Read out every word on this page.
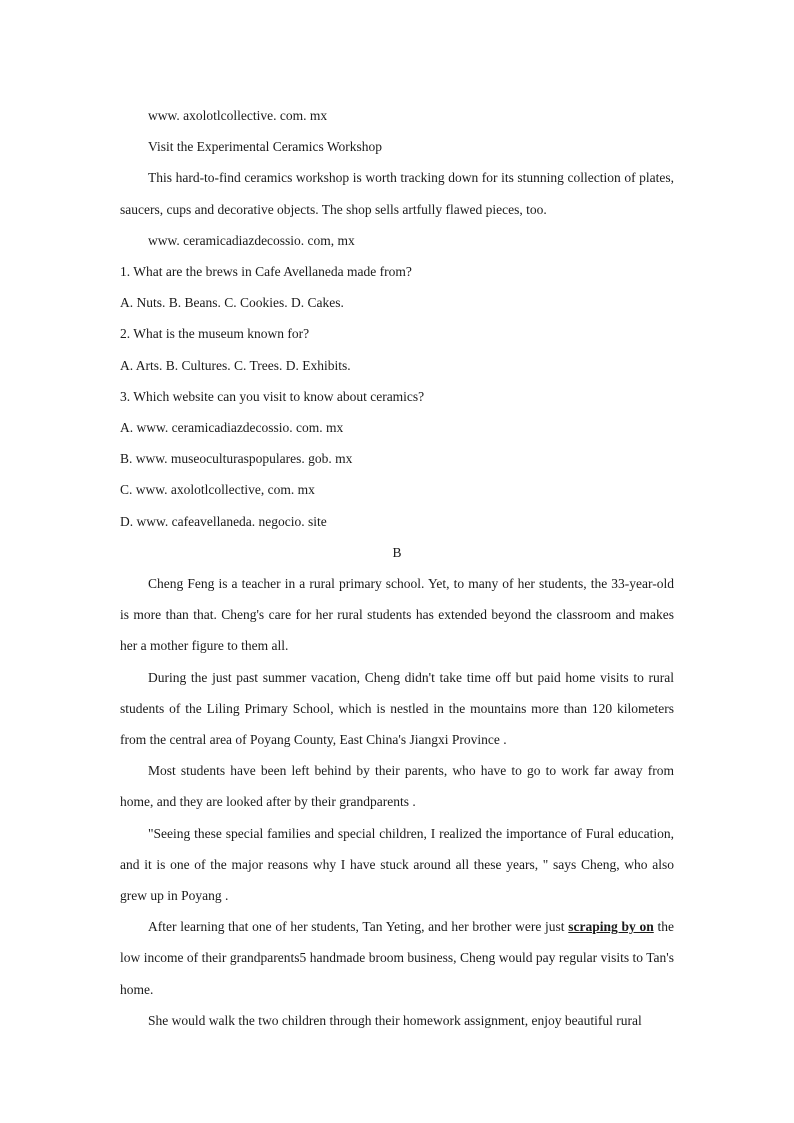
www. axolotlcollective. com. mx

Visit the Experimental Ceramics Workshop

This hard-to-find ceramics workshop is worth tracking down for its stunning collection of plates, saucers, cups and decorative objects. The shop sells artfully flawed pieces, too.

www. ceramicadiazdecossio. com, mx

1. What are the brews in Cafe Avellaneda made from?

A. Nuts. B. Beans. C. Cookies. D. Cakes.

2. What is the museum known for?

A. Arts. B. Cultures. C. Trees. D. Exhibits.

3. Which website can you visit to know about ceramics?

A. www. ceramicadiazdecossio. com. mx

B. www. museoculturaspopulares. gob. mx

C. www. axolotlcollective, com. mx

D. www. cafeavellaneda. negocio. site

B

Cheng Feng is a teacher in a rural primary school. Yet, to many of her students, the 33-year-old is more than that. Cheng's care for her rural students has extended beyond the classroom and makes her a mother figure to them all.

During the just past summer vacation, Cheng didn't take time off but paid home visits to rural students of the Liling Primary School, which is nestled in the mountains more than 120 kilometers from the central area of Poyang County, East China's Jiangxi Province .

Most students have been left behind by their parents, who have to go to work far away from home, and they are looked after by their grandparents .

"Seeing these special families and special children, I realized the importance of Fural education, and it is one of the major reasons why I have stuck around all these years, " says Cheng, who also grew up in Poyang .

After learning that one of her students, Tan Yeting, and her brother were just scraping by on the low income of their grandparents5 handmade broom business, Cheng would pay regular visits to Tan's home.

She would walk the two children through their homework assignment, enjoy beautiful rural
